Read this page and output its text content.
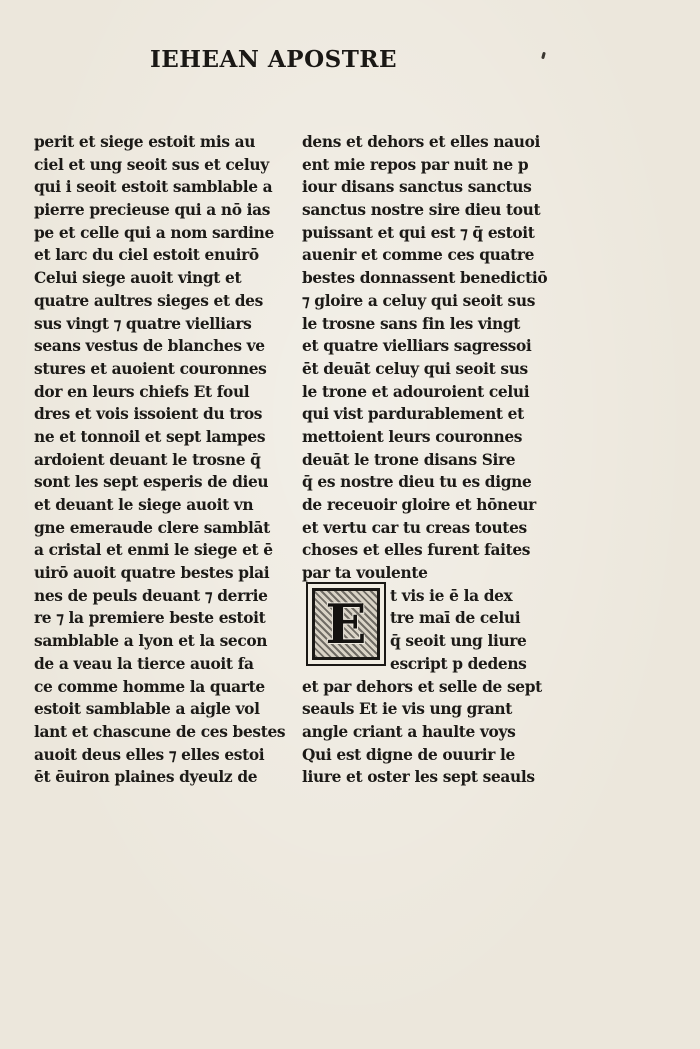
IEHEAN APOSTRE
perit et siege estoit mis au
ciel et ung seoit sus et celuy
qui i seoit estoit samblable a
pierre precieuse qui a nō ias
pe et celle qui a nom sardine
et larc du ciel estoit enuirō
Celui siege auoit vingt et
quatre aultres sieges et des
sus vingt ⁊ quatre vielliars
seans vestus de blanches ve
stures et auoient couronnes
dor en leurs chiefs Et foul
dres et vois issoient du tros
ne et tonnoil et sept lampes
ardoient deuant le trosne q̄
sont les sept esperis de dieu
et deuant le siege auoit vn
gne emeraude clere samblāt
a cristal et enmi le siege et ē
uirō auoit quatre bestes plai
nes de peuls deuant ⁊ derrie
re ⁊ la premiere beste estoit
samblable a lyon et la secon
de a veau la tierce auoit fa
ce comme homme la quarte
estoit samblable a aigle vol
lant et chascune de ces bestes
auoit deus elles ⁊ elles estoi
ēt ēuiron plaines dyeulz de
dens et dehors et elles nauoi
ent mie repos par nuit ne p
iour disans sanctus sanctus
sanctus nostre sire dieu tout
puissant et qui est ⁊ q̄ estoit
auenir et comme ces quatre
bestes donnassent benedictiō
⁊ gloire a celuy qui seoit sus
le trosne sans fin les vingt
et quatre vielliars sagressoi
ēt deuāt celuy qui seoit sus
le trone et adouroient celui
qui vist pardurablement et
mettoient leurs couronnes
deuāt le trone disans Sire
q̄ es nostre dieu tu es digne
de receuoir gloire et hōneur
et vertu car tu creas toutes
choses et elles furent faites
par ta voulente
t vis ie ē la dex
tre maī de celui
q̄ seoit ung liure
escript p dedens
et par dehors et selle de sept
seauls Et ie vis ung grant
angle criant a haulte voys
Qui est digne de ouurir le
liure et oster les sept seauls
E
